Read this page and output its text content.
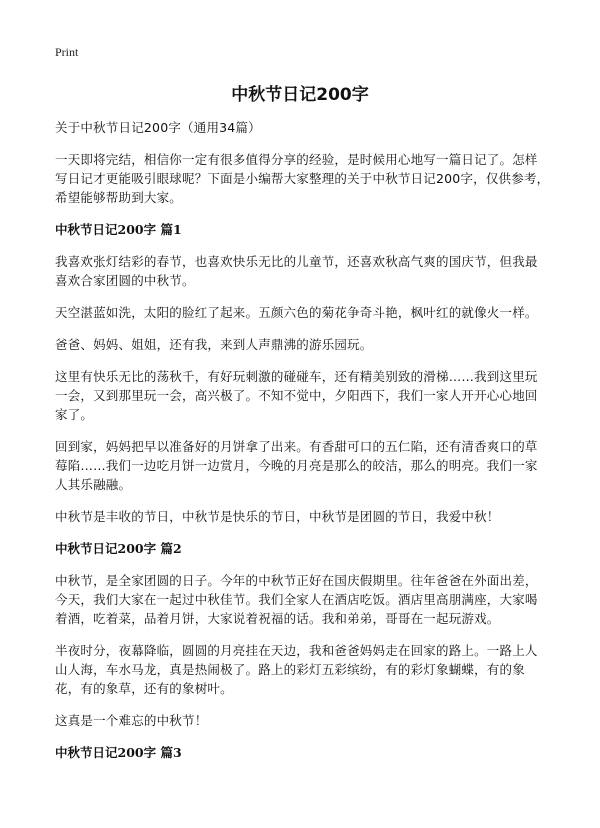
Print
中秋节日记200字

关于中秋节日记200字（通用34篇）

一天即将完结，相信你一定有很多值得分享的经验，是时候用心地写一篇日记了。怎样写日记才更能吸引眼球呢？下面是小编帮大家整理的关于中秋节日记200字，仅供参考，希望能够帮助到大家。

中秋节日记200字 篇1

我喜欢张灯结彩的春节，也喜欢快乐无比的儿童节，还喜欢秋高气爽的国庆节，但我最喜欢合家团圆的中秋节。

天空湛蓝如洗，太阳的脸红了起来。五颜六色的菊花争奇斗艳，枫叶红的就像火一样。

爸爸、妈妈、姐姐，还有我，来到人声鼎沸的游乐园玩。

这里有快乐无比的荡秋千，有好玩刺激的碰碰车，还有精美别致的滑梯……我到这里玩一会，又到那里玩一会，高兴极了。不知不觉中，夕阳西下，我们一家人开开心心地回家了。

回到家，妈妈把早以准备好的月饼拿了出来。有香甜可口的五仁陷，还有清香爽口的草莓陷……我们一边吃月饼一边赏月，今晚的月亮是那么的皎洁，那么的明亮。我们一家人其乐融融。

中秋节是丰收的节日，中秋节是快乐的节日，中秋节是团圆的节日，我爱中秋！

中秋节日记200字 篇2

中秋节，是全家团圆的日子。今年的中秋节正好在国庆假期里。往年爸爸在外面出差，今天，我们大家在一起过中秋佳节。我们全家人在酒店吃饭。酒店里高朋满座，大家喝着酒，吃着菜，品着月饼，大家说着祝福的话。我和弟弟，哥哥在一起玩游戏。

半夜时分，夜幕降临，圆圆的月亮挂在天边，我和爸爸妈妈走在回家的路上。一路上人山人海，车水马龙，真是热闹极了。路上的彩灯五彩缤纷，有的彩灯象蝴蝶，有的象花，有的象草，还有的象树叶。

这真是一个难忘的中秋节！

中秋节日记200字 篇3
